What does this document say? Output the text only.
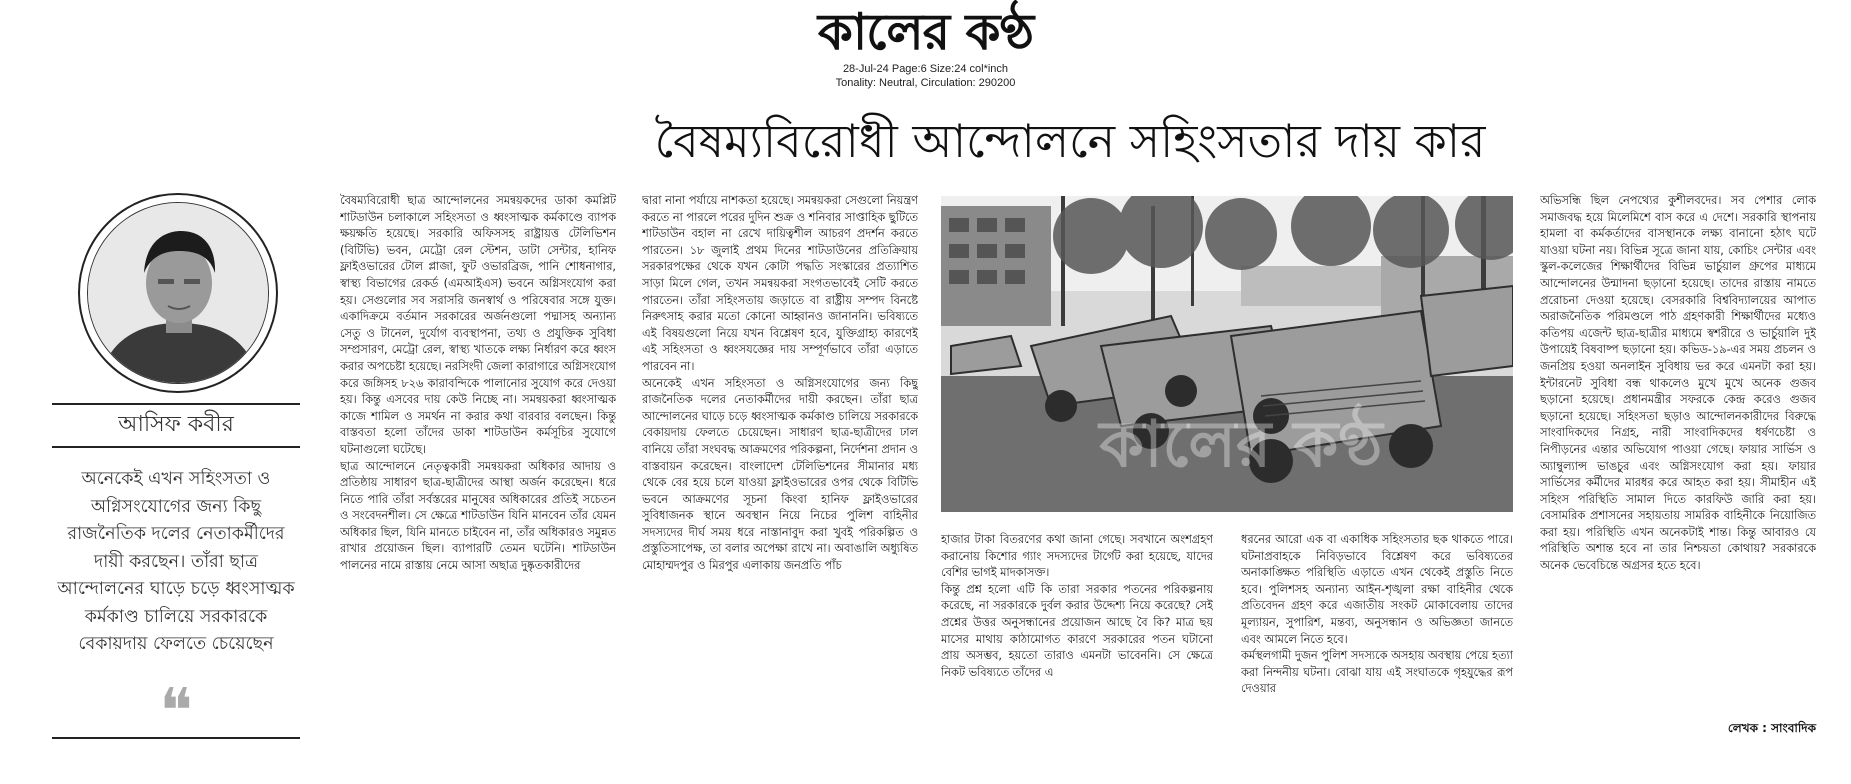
কালের কণ্ঠ
28-Jul-24 Page:6 Size:24 col*inch
Tonality: Neutral, Circulation: 290200
বৈষম্যবিরোধী আন্দোলনে সহিংসতার দায় কার
আসিফ কবীর
অনেকেই এখন সহিংসতা ও অগ্নিসংযোগের জন্য কিছু রাজনৈতিক দলের নেতাকর্মীদের দায়ী করছেন। তাঁরা ছাত্র আন্দোলনের ঘাড়ে চড়ে ধ্বংসাত্মক কর্মকাণ্ড চালিয়ে সরকারকে বেকায়দায় ফেলতে চেয়েছেন
❝

বৈষম্যবিরোধী ছাত্র আন্দোলনের সমন্বয়কদের ডাকা কমপ্লিট শাটডাউন চলাকালে সহিংসতা ও ধ্বংসাত্মক কর্মকাণ্ডে ব্যাপক ক্ষয়ক্ষতি হয়েছে। সরকারি অফিসসহ রাষ্ট্রায়ত্ত টেলিভিশন (বিটিভি) ভবন, মেট্রো রেল স্টেশন, ডাটা সেন্টার, হানিফ ফ্লাইওভারের টোল প্লাজা, ফুট ওভারব্রিজ, পানি শোধনাগার, স্বাস্থ্য বিভাগের রেকর্ড (এমআইএস) ভবনে অগ্নিসংযোগ করা হয়। সেগুলোর সব সরাসরি জনস্বার্থ ও পরিষেবার সঙ্গে যুক্ত। একাদিক্রমে বর্তমান সরকারের অর্জনগুলো পদ্মাসহ অন্যান্য সেতু ও টানেল, দুর্যোগ ব্যবস্থাপনা, তথ্য ও প্রযুক্তিক সুবিধা সম্প্রসারণ, মেট্রো রেল, স্বাস্থ্য খাতকে লক্ষ্য নির্ধারণ করে ধ্বংস করার অপচেষ্টা হয়েছে। নরসিংদী জেলা কারাগারে অগ্নিসংযোগ করে জঙ্গিসহ ৮২৬ কারাবন্দিকে পালানোর সুযোগ করে দেওয়া হয়। কিন্তু এসবের দায় কেউ নিচ্ছে না। সমন্বয়করা ধ্বংসাত্মক কাজে শামিল ও সমর্থন না করার কথা বারবার বলছেন। কিন্তু বাস্তবতা হলো তাঁদের ডাকা শাটডাউন কর্মসূচির সুযোগে ঘটনাগুলো ঘটেছে।

ছাত্র আন্দোলনে নেতৃত্বকারী সমন্বয়করা অধিকার আদায় ও প্রতিষ্ঠায় সাধারণ ছাত্র-ছাত্রীদের আস্থা অর্জন করেছেন। ধরে নিতে পারি তাঁরা সর্বস্তরের মানুষের অধিকারের প্রতিই সচেতন ও সংবেদনশীল। সে ক্ষেত্রে শাটডাউন যিনি মানবেন তাঁর যেমন অধিকার ছিল, যিনি মানতে চাইবেন না, তাঁর অধিকারও সমুন্নত রাখার প্রয়োজন ছিল। ব্যাপারটি তেমন ঘটেনি। শাটডাউন পালনের নামে রাস্তায় নেমে আসা অছাত্র দুষ্কৃতকারীদের

দ্বারা নানা পর্যায়ে নাশকতা হয়েছে। সমন্বয়করা সেগুলো নিয়ন্ত্রণ করতে না পারলে পরের দুদিন শুক্র ও শনিবার সাপ্তাহিক ছুটিতে শাটডাউন বহাল না রেখে দায়িত্বশীল আচরণ প্রদর্শন করতে পারতেন। ১৮ জুলাই প্রথম দিনের শাটডাউনের প্রতিক্রিয়ায় সরকারপক্ষের থেকে যখন কোটা পদ্ধতি সংস্কারের প্রত্যাশিত সাড়া মিলে গেল, তখন সমন্বয়করা সংগতভাবেই সেটি করতে পারতেন। তাঁরা সহিংসতায় জড়াতে বা রাষ্ট্রীয় সম্পদ বিনষ্টে নিরুৎসাহ করার মতো কোনো আহ্বানও জানাননি। ভবিষ্যতে এই বিষয়গুলো নিয়ে যখন বিশ্লেষণ হবে, যুক্তিগ্রাহ্য কারণেই এই সহিংসতা ও ধ্বংসযজ্ঞের দায় সম্পূর্ণভাবে তাঁরা এড়াতে পারবেন না।

অনেকেই এখন সহিংসতা ও অগ্নিসংযোগের জন্য কিছু রাজনৈতিক দলের নেতাকর্মীদের দায়ী করছেন। তাঁরা ছাত্র আন্দোলনের ঘাড়ে চড়ে ধ্বংসাত্মক কর্মকাণ্ড চালিয়ে সরকারকে বেকায়দায় ফেলতে চেয়েছেন। সাধারণ ছাত্র-ছাত্রীদের ঢাল বানিয়ে তাঁরা সংঘবদ্ধ আক্রমণের পরিকল্পনা, নির্দেশনা প্রদান ও বাস্তবায়ন করেছেন। বাংলাদেশ টেলিভিশনের সীমানার মধ্য থেকে বের হয়ে চলে যাওয়া ফ্লাইওভারের ওপর থেকে বিটিভি ভবনে আক্রমণের সূচনা কিংবা হানিফ ফ্লাইওভারের সুবিধাজনক স্থানে অবস্থান নিয়ে নিচের পুলিশ বাহিনীর সদস্যদের দীর্ঘ সময় ধরে নাস্তানাবুদ করা খুবই পরিকল্পিত ও প্রস্তুতিসাপেক্ষ, তা বলার অপেক্ষা রাখে না। অবাঙালি অধ্যুষিত মোহাম্মদপুর ও মিরপুর এলাকায় জনপ্রতি পাঁচ

কালের কণ্ঠ

হাজার টাকা বিতরণের কথা জানা গেছে। সবখানে অংশগ্রহণ করানোয় কিশোর গ্যাং সদস্যদের টার্গেট করা হয়েছে, যাদের বেশির ভাগই মাদকাসক্ত।

কিন্তু প্রশ্ন হলো এটি কি তারা সরকার পতনের পরিকল্পনায় করেছে, না সরকারকে দুর্বল করার উদ্দেশ্য নিয়ে করেছে? সেই প্রশ্নের উত্তর অনুসন্ধানের প্রয়োজন আছে বৈ কি? মাত্র ছয় মাসের মাথায় কাঠামোগত কারণে সরকারের পতন ঘটানো প্রায় অসম্ভব, হয়তো তারাও এমনটা ভাবেননি। সে ক্ষেত্রে নিকট ভবিষ্যতে তাঁদের এ

ধরনের আরো এক বা একাধিক সহিংসতার ছক থাকতে পারে। ঘটনাপ্রবাহকে নিবিড়ভাবে বিশ্লেষণ করে ভবিষ্যতের অনাকাঙ্ক্ষিত পরিস্থিতি এড়াতে এখন থেকেই প্রস্তুতি নিতে হবে। পুলিশসহ অন্যান্য আইন-শৃঙ্খলা রক্ষা বাহিনীর থেকে প্রতিবেদন গ্রহণ করে এজাতীয় সংকট মোকাবেলায় তাদের মূল্যায়ন, সুপারিশ, মন্তব্য, অনুসন্ধান ও অভিজ্ঞতা জানতে এবং আমলে নিতে হবে।

কর্মস্থলগামী দুজন পুলিশ সদস্যকে অসহায় অবস্থায় পেয়ে হত্যা করা নিন্দনীয় ঘটনা। বোঝা যায় এই সংঘাতকে গৃহযুদ্ধের রূপ দেওয়ার

অভিসন্ধি ছিল নেপথ্যের কুশীলবদের। সব পেশার লোক সমাজবদ্ধ হয়ে মিলেমিশে বাস করে এ দেশে। সরকারি স্থাপনায় হামলা বা কর্মকর্তাদের বাসস্থানকে লক্ষ্য বানানো হঠাৎ ঘটে যাওয়া ঘটনা নয়। বিভিন্ন সূত্রে জানা যায়, কোচিং সেন্টার এবং স্কুল-কলেজের শিক্ষার্থীদের বিভিন্ন ভার্চুয়াল গ্রুপের মাধ্যমে আন্দোলনের উন্মাদনা ছড়ানো হয়েছে। তাদের রাস্তায় নামতে প্ররোচনা দেওয়া হয়েছে। বেসরকারি বিশ্ববিদ্যালয়ের আপাত অরাজনৈতিক পরিমণ্ডলে পাঠ গ্রহণকারী শিক্ষার্থীদের মধ্যেও কতিপয় এজেন্ট ছাত্র-ছাত্রীর মাধ্যমে স্বশরীরে ও ভার্চুয়ালি দুই উপায়েই বিষবাষ্প ছড়ানো হয়। কভিড-১৯-এর সময় প্রচলন ও জনপ্রিয় হওয়া অনলাইন সুবিধায় ভর করে এমনটা করা হয়। ইন্টারনেট সুবিধা বন্ধ থাকলেও মুখে মুখে অনেক গুজব ছড়ানো হয়েছে। প্রধানমন্ত্রীর সফরকে কেন্দ্র করেও গুজব ছড়ানো হয়েছে। সহিংসতা ছড়াও আন্দোলনকারীদের বিরুদ্ধে সাংবাদিকদের নিগ্রহ, নারী সাংবাদিকদের ধর্ষণচেষ্টা ও নিপীড়নের এন্তার অভিযোগ পাওয়া গেছে। ফায়ার সার্ভিস ও অ্যাম্বুল্যান্স ভাঙচুর এবং অগ্নিসংযোগ করা হয়। ফায়ার সার্ভিসের কর্মীদের মারধর করে আহত করা হয়। সীমাহীন এই সহিংস পরিস্থিতি সামাল দিতে কারফিউ জারি করা হয়। বেসামরিক প্রশাসনের সহায়তায় সামরিক বাহিনীকে নিয়োজিত করা হয়। পরিস্থিতি এখন অনেকটাই শান্ত। কিন্তু আবারও যে পরিস্থিতি অশান্ত হবে না তার নিশ্চয়তা কোথায়? সরকারকে অনেক ভেবেচিন্তে অগ্রসর হতে হবে।

লেখক : সাংবাদিক
